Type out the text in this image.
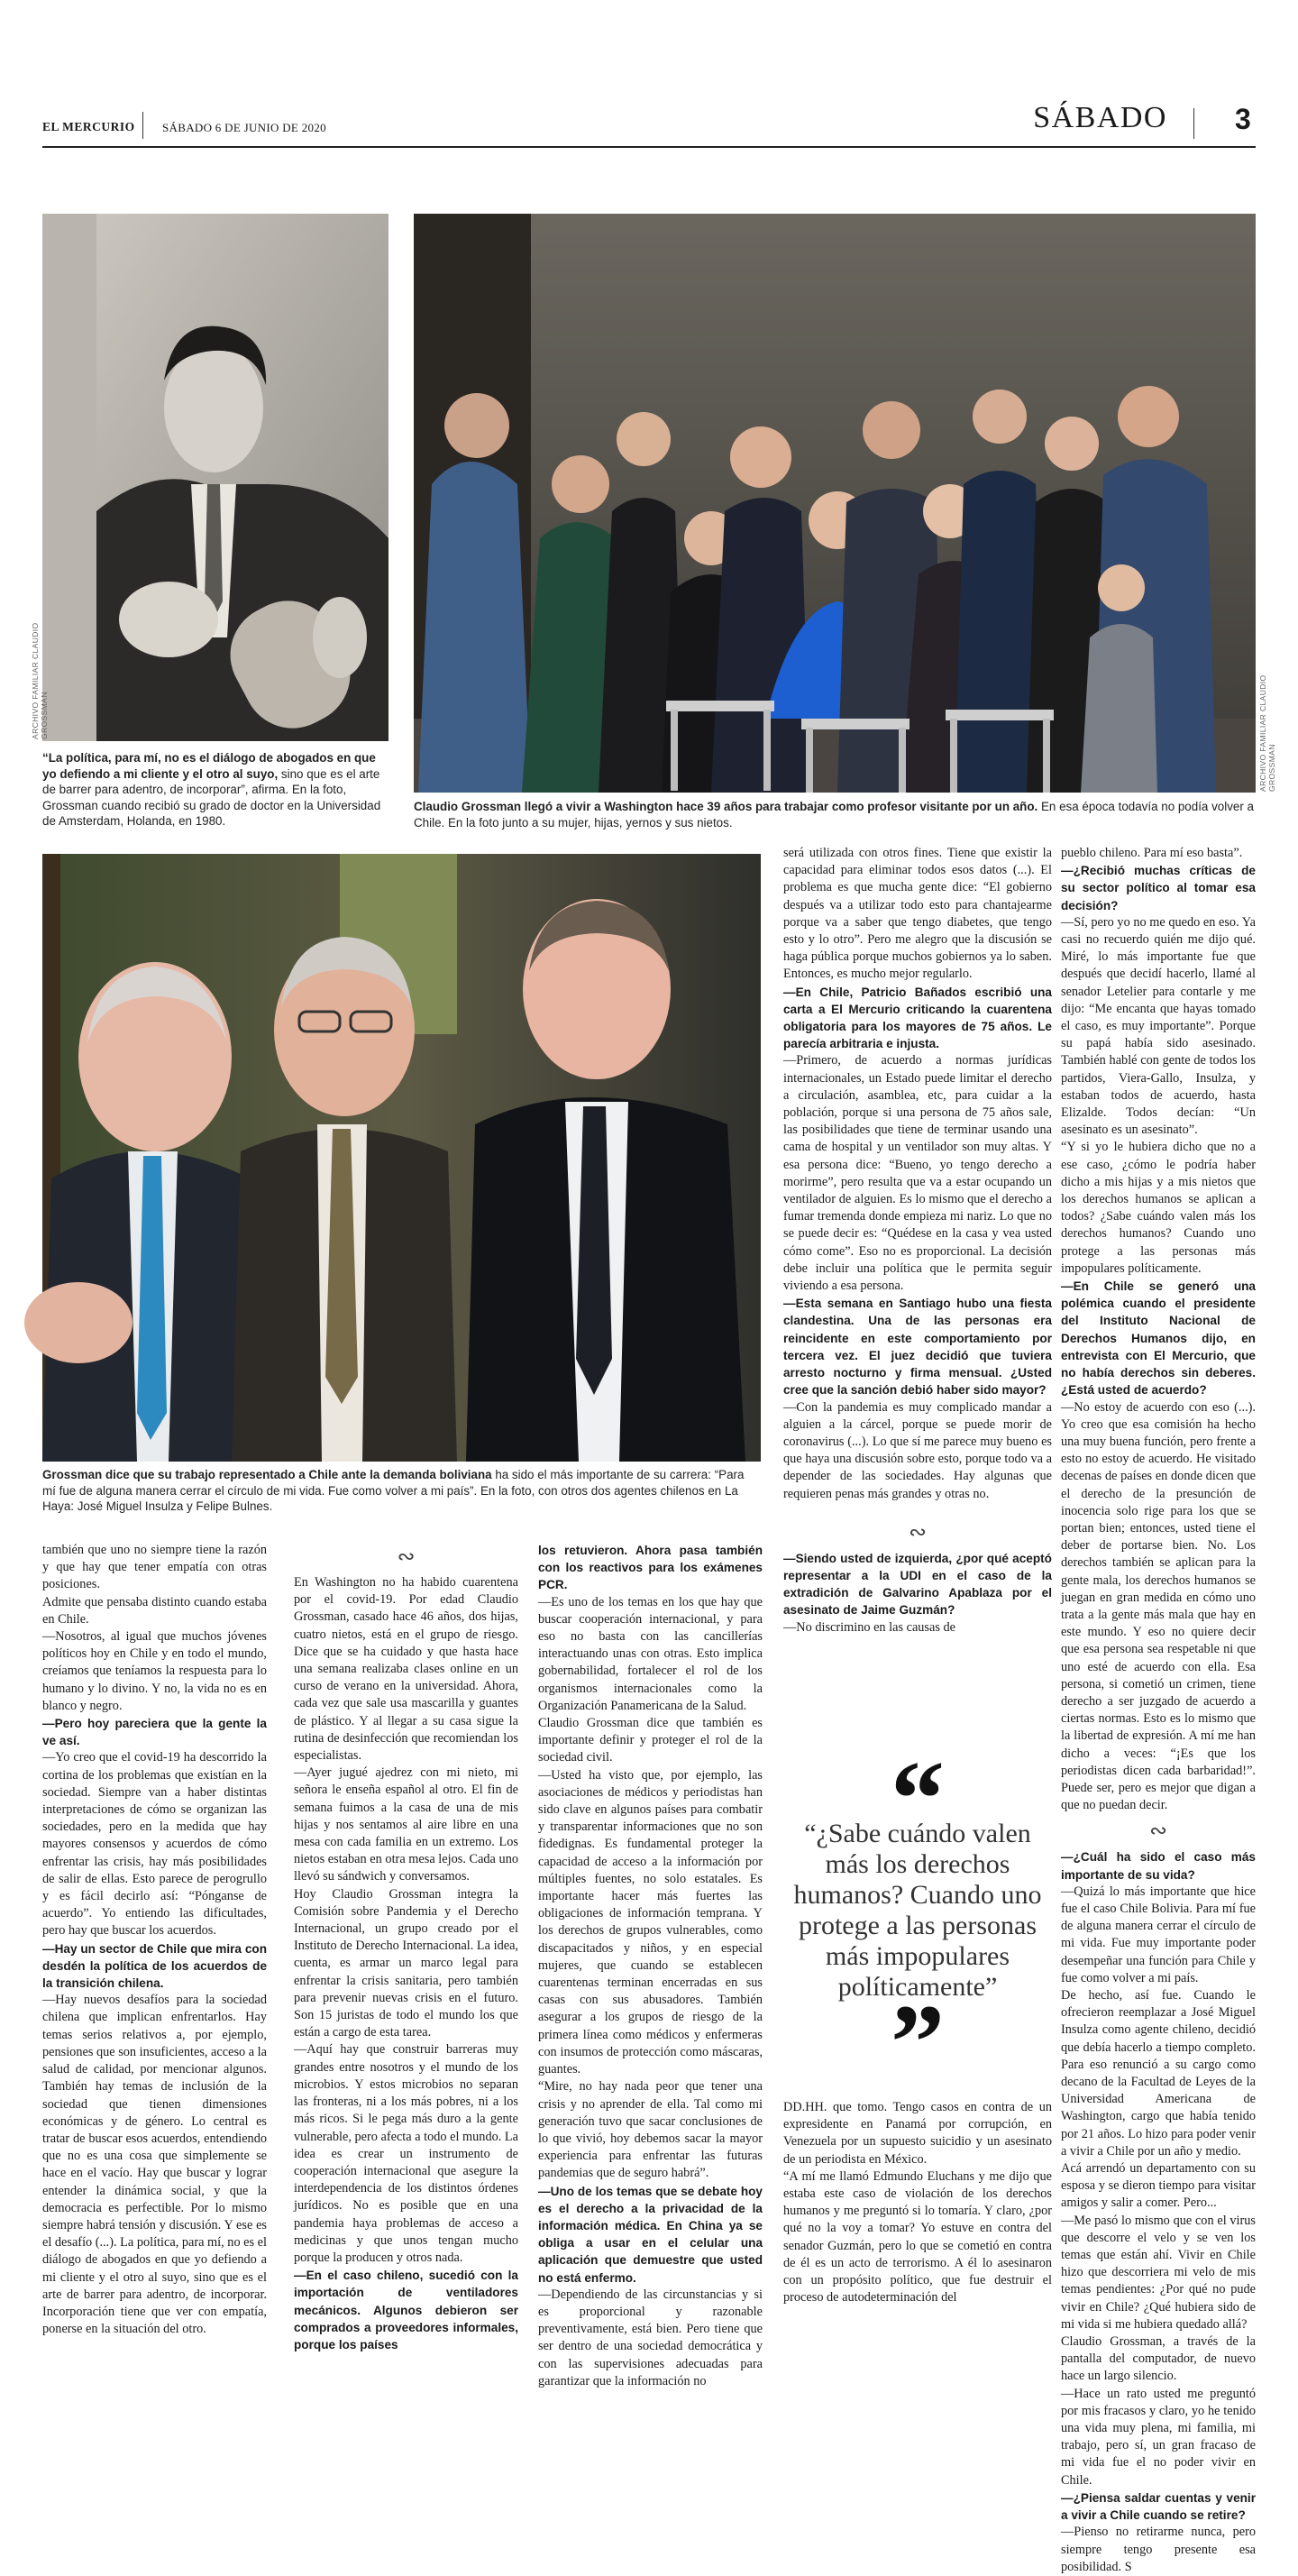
EL MERCURIO SÁBADO 6 DE JUNIO DE 2020	SÁBADO 3
ARCHIVO FAMILIAR CLAUDIO GROSSMAN
“La política, para mí, no es el diálogo de abogados en que yo defiendo a mi cliente y el otro al suyo, sino que es el arte de barrer para adentro, de incorporar”, afirma. En la foto, Grossman cuando recibió su grado de doctor en la Universidad de Amsterdam, Holanda, en 1980.
ARCHIVO FAMILIAR CLAUDIO GROSSMAN
Claudio Grossman llegó a vivir a Washington hace 39 años para trabajar como profesor visitante por un año. En esa época todavía no podía volver a Chile. En la foto junto a su mujer, hijas, yernos y sus nietos.
Grossman dice que su trabajo representado a Chile ante la demanda boliviana ha sido el más importante de su carrera: “Para mí fue de alguna manera cerrar el círculo de mi vida. Fue como volver a mi país”. En la foto, con otros dos agentes chilenos en La Haya: José Miguel Insulza y Felipe Bulnes.

será utilizada con otros fines. Tiene que existir la capacidad para eliminar todos esos datos (...). El problema es que mucha gente dice: “El gobierno después va a utilizar todo esto para chantajearme porque va a saber que tengo diabetes, que tengo esto y lo otro”. Pero me alegro que la discusión se haga pública porque muchos gobiernos ya lo saben. Entonces, es mucho mejor regularlo.

—En Chile, Patricio Bañados escribió una carta a El Mercurio criticando la cuarentena obligatoria para los mayores de 75 años. Le parecía arbitraria e injusta.

—Primero, de acuerdo a normas jurídicas internacionales, un Estado puede limitar el derecho a circulación, asamblea, etc, para cuidar a la población, porque si una persona de 75 años sale, las posibilidades que tiene de terminar usando una cama de hospital y un ventilador son muy altas. Y esa persona dice: “Bueno, yo tengo derecho a morirme”, pero resulta que va a estar ocupando un ventilador de alguien. Es lo mismo que el derecho a fumar tremenda donde empieza mi nariz. Lo que no se puede decir es: “Quédese en la casa y vea usted cómo come”. Eso no es proporcional. La decisión debe incluir una política que le permita seguir viviendo a esa persona.

—Esta semana en Santiago hubo una fiesta clandestina. Una de las personas era reincidente en este comportamiento por tercera vez. El juez decidió que tuviera arresto nocturno y firma mensual. ¿Usted cree que la sanción debió haber sido mayor?

—Con la pandemia es muy complicado mandar a alguien a la cárcel, porque se puede morir de coronavirus (...). Lo que sí me parece muy bueno es que haya una discusión sobre esto, porque todo va a depender de las sociedades. Hay algunas que requieren penas más grandes y otras no.

∾

—Siendo usted de izquierda, ¿por qué aceptó representar a la UDI en el caso de la extradición de Galvarino Apablaza por el asesinato de Jaime Guzmán?

—No discrimino en las causas de

pueblo chileno. Para mí eso basta”.

—¿Recibió muchas críticas de su sector político al tomar esa decisión?

—Sí, pero yo no me quedo en eso. Ya casi no recuerdo quién me dijo qué. Miré, lo más importante fue que después que decidí hacerlo, llamé al senador Letelier para contarle y me dijo: “Me encanta que hayas tomado el caso, es muy importante”. Porque su papá había sido asesinado. También hablé con gente de todos los partidos, Viera-Gallo, Insulza, y estaban todos de acuerdo, hasta Elizalde. Todos decían: “Un asesinato es un asesinato”.

“Y si yo le hubiera dicho que no a ese caso, ¿cómo le podría haber dicho a mis hijas y a mis nietos que los derechos humanos se aplican a todos? ¿Sabe cuándo valen más los derechos humanos? Cuando uno protege a las personas más impopulares políticamente.

—En Chile se generó una polémica cuando el presidente del Instituto Nacional de Derechos Humanos dijo, en entrevista con El Mercurio, que no había derechos sin deberes. ¿Está usted de acuerdo?

—No estoy de acuerdo con eso (...). Yo creo que esa comisión ha hecho una muy buena función, pero frente a esto no estoy de acuerdo. He visitado decenas de países en donde dicen que el derecho de la presunción de inocencia solo rige para los que se portan bien; entonces, usted tiene el deber de portarse bien. No. Los derechos también se aplican para la gente mala, los derechos humanos se juegan en gran medida en cómo uno trata a la gente más mala que hay en este mundo. Y eso no quiere decir que esa persona sea respetable ni que uno esté de acuerdo con ella. Esa persona, si cometió un crimen, tiene derecho a ser juzgado de acuerdo a ciertas normas. Esto es lo mismo que la libertad de expresión. A mí me han dicho a veces: “¡Es que los periodistas dicen cada barbaridad!”. Puede ser, pero es mejor que digan a que no puedan decir.

∾

—¿Cuál ha sido el caso más importante de su vida?

—Quizá lo más importante que hice fue el caso Chile Bolivia. Para mí fue de alguna manera cerrar el círculo de mi vida. Fue muy importante poder desempeñar una función para Chile y fue como volver a mi país.

De hecho, así fue. Cuando le ofrecieron reemplazar a José Miguel Insulza como agente chileno, decidió que debía hacerlo a tiempo completo. Para eso renunció a su cargo como decano de la Facultad de Leyes de la Universidad Americana de Washington, cargo que había tenido por 21 años. Lo hizo para poder venir a vivir a Chile por un año y medio.

Acá arrendó un departamento con su esposa y se dieron tiempo para visitar amigos y salir a comer. Pero...

—Me pasó lo mismo que con el virus que descorre el velo y se ven los temas que están ahí. Vivir en Chile hizo que descorriera mi velo de mis temas pendientes: ¿Por qué no pude vivir en Chile? ¿Qué hubiera sido de mi vida si me hubiera quedado allá?

Claudio Grossman, a través de la pantalla del computador, de nuevo hace un largo silencio.

—Hace un rato usted me preguntó por mis fracasos y claro, yo he tenido una vida muy plena, mi familia, mi trabajo, pero sí, un gran fracaso de mi vida fue el no poder vivir en Chile.

—¿Piensa saldar cuentas y venir a vivir a Chile cuando se retire?

—Pienso no retirarme nunca, pero siempre tengo presente esa posibilidad. S

también que uno no siempre tiene la razón y que hay que tener empatía con otras posiciones.

Admite que pensaba distinto cuando estaba en Chile.

—Nosotros, al igual que muchos jóvenes políticos hoy en Chile y en todo el mundo, creíamos que teníamos la respuesta para lo humano y lo divino. Y no, la vida no es en blanco y negro.

—Pero hoy pareciera que la gente la ve así.

—Yo creo que el covid-19 ha descorrido la cortina de los problemas que existían en la sociedad. Siempre van a haber distintas interpretaciones de cómo se organizan las sociedades, pero en la medida que hay mayores consensos y acuerdos de cómo enfrentar las crisis, hay más posibilidades de salir de ellas. Esto parece de perogrullo y es fácil decirlo así: “Pónganse de acuerdo”. Yo entiendo las dificultades, pero hay que buscar los acuerdos.

—Hay un sector de Chile que mira con desdén la política de los acuerdos de la transición chilena.

—Hay nuevos desafíos para la sociedad chilena que implican enfrentarlos. Hay temas serios relativos a, por ejemplo, pensiones que son insuficientes, acceso a la salud de calidad, por mencionar algunos. También hay temas de inclusión de la sociedad que tienen dimensiones económicas y de género. Lo central es tratar de buscar esos acuerdos, entendiendo que no es una cosa que simplemente se hace en el vacío. Hay que buscar y lograr entender la dinámica social, y que la democracia es perfectible. Por lo mismo siempre habrá tensión y discusión. Y ese es el desafío (...). La política, para mí, no es el diálogo de abogados en que yo defiendo a mi cliente y el otro al suyo, sino que es el arte de barrer para adentro, de incorporar. Incorporación tiene que ver con empatía, ponerse en la situación del otro.

∾

En Washington no ha habido cuarentena por el covid-19. Por edad Claudio Grossman, casado hace 46 años, dos hijas, cuatro nietos, está en el grupo de riesgo. Dice que se ha cuidado y que hasta hace una semana realizaba clases online en un curso de verano en la universidad. Ahora, cada vez que sale usa mascarilla y guantes de plástico. Y al llegar a su casa sigue la rutina de desinfección que recomiendan los especialistas.

—Ayer jugué ajedrez con mi nieto, mi señora le enseña español al otro. El fin de semana fuimos a la casa de una de mis hijas y nos sentamos al aire libre en una mesa con cada familia en un extremo. Los nietos estaban en otra mesa lejos. Cada uno llevó su sándwich y conversamos.

Hoy Claudio Grossman integra la Comisión sobre Pandemia y el Derecho Internacional, un grupo creado por el Instituto de Derecho Internacional. La idea, cuenta, es armar un marco legal para enfrentar la crisis sanitaria, pero también para prevenir nuevas crisis en el futuro. Son 15 juristas de todo el mundo los que están a cargo de esta tarea.

—Aquí hay que construir barreras muy grandes entre nosotros y el mundo de los microbios. Y estos microbios no separan las fronteras, ni a los más pobres, ni a los más ricos. Si le pega más duro a la gente vulnerable, pero afecta a todo el mundo. La idea es crear un instrumento de cooperación internacional que asegure la interdependencia de los distintos órdenes jurídicos. No es posible que en una pandemia haya problemas de acceso a medicinas y que unos tengan mucho porque la producen y otros nada.

—En el caso chileno, sucedió con la importación de ventiladores mecánicos. Algunos debieron ser comprados a proveedores informales, porque los países

los retuvieron. Ahora pasa también con los reactivos para los exámenes PCR.

—Es uno de los temas en los que hay que buscar cooperación internacional, y para eso no basta con las cancillerías interactuando unas con otras. Esto implica gobernabilidad, fortalecer el rol de los organismos internacionales como la Organización Panamericana de la Salud.

Claudio Grossman dice que también es importante definir y proteger el rol de la sociedad civil.

—Usted ha visto que, por ejemplo, las asociaciones de médicos y periodistas han sido clave en algunos países para combatir y transparentar informaciones que no son fidedignas. Es fundamental proteger la capacidad de acceso a la información por múltiples fuentes, no solo estatales. Es importante hacer más fuertes las obligaciones de información temprana. Y los derechos de grupos vulnerables, como discapacitados y niños, y en especial mujeres, que cuando se establecen cuarentenas terminan encerradas en sus casas con sus abusadores. También asegurar a los grupos de riesgo de la primera línea como médicos y enfermeras con insumos de protección como máscaras, guantes.

“Mire, no hay nada peor que tener una crisis y no aprender de ella. Tal como mi generación tuvo que sacar conclusiones de lo que vivió, hoy debemos sacar la mayor experiencia para enfrentar las futuras pandemias que de seguro habrá”.

—Uno de los temas que se debate hoy es el derecho a la privacidad de la información médica. En China ya se obliga a usar en el celular una aplicación que demuestre que usted no está enfermo.

—Dependiendo de las circunstancias y si es proporcional y razonable preventivamente, está bien. Pero tiene que ser dentro de una sociedad democrática y con las supervisiones adecuadas para garantizar que la información no

“
“¿Sabe cuándo valen más los derechos humanos? Cuando uno protege a las personas más impopulares políticamente”
”

DD.HH. que tomo. Tengo casos en contra de un expresidente en Panamá por corrupción, en Venezuela por un supuesto suicidio y un asesinato de un periodista en México.

“A mí me llamó Edmundo Eluchans y me dijo que estaba este caso de violación de los derechos humanos y me preguntó si lo tomaría. Y claro, ¿por qué no la voy a tomar? Yo estuve en contra del senador Guzmán, pero lo que se cometió en contra de él es un acto de terrorismo. A él lo asesinaron con un propósito político, que fue destruir el proceso de autodeterminación del
